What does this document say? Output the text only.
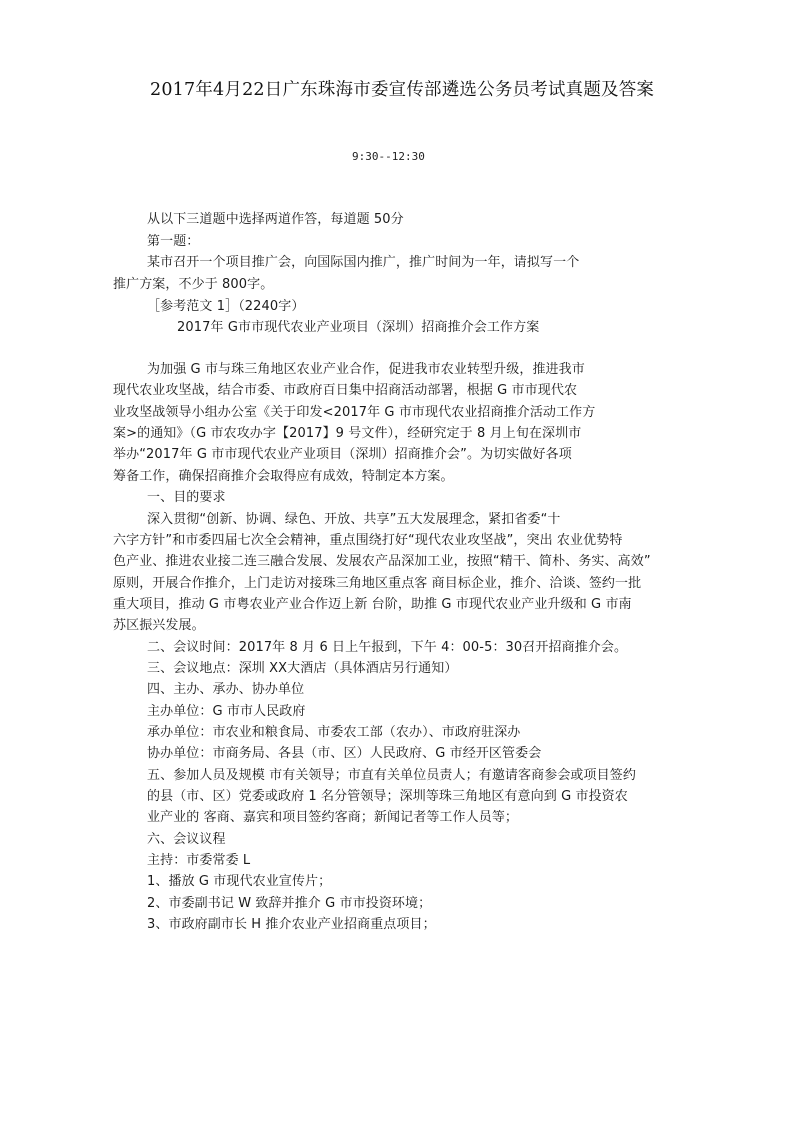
2017年4月22日广东珠海市委宣传部遴选公务员考试真题及答案
9:30--12:30
从以下三道题中选择两道作答，每道题 50分
第一题：
某市召开一个项目推广会，向国际国内推广，推广时间为一年，请拟写一个
推广方案，不少于 800字。
［参考范文 1］（2240字）
2017年 G市市现代农业产业项目（深圳）招商推介会工作方案
为加强 G 市与珠三角地区农业产业合作，促进我市农业转型升级，推进我市
现代农业攻坚战，结合市委、市政府百日集中招商活动部署，根据 G 市市现代农
业攻坚战领导小组办公室《关于印发<2017年 G 市市现代农业招商推介活动工作方
案>的通知》（G 市农攻办字【2017】9 号文件），经研究定于 8 月上旬在深圳市
举办“2017年 G 市市现代农业产业项目（深圳）招商推介会”。为切实做好各项
筹备工作，确保招商推介会取得应有成效，特制定本方案。
一、目的要求
深入贯彻“创新、协调、绿色、开放、共享”五大发展理念，紧扣省委“十
六字方针”和市委四届七次全会精神，重点围绕打好“现代农业攻坚战”，突出 农业优势特
色产业、推进农业接二连三融合发展、发展农产品深加工业，按照“精干、简朴、务实、高效”
原则，开展合作推介，上门走访对接珠三角地区重点客 商目标企业，推介、洽谈、签约一批
重大项目，推动 G 市粤农业产业合作迈上新 台阶，助推 G 市现代农业产业升级和 G 市南
苏区振兴发展。
二、会议时间：2017年 8 月 6 日上午报到，下午 4：00-5：30召开招商推介会。
三、会议地点：深圳 XX大酒店（具体酒店另行通知）
四、主办、承办、协办单位
主办单位：G 市市人民政府
承办单位：市农业和粮食局、市委农工部（农办）、市政府驻深办
协办单位：市商务局、各县（市、区）人民政府、G 市经开区管委会
五、参加人员及规模 市有关领导；市直有关单位员责人；有邀请客商参会或项目签约
的县（市、区）党委或政府 1 名分管领导；深圳等珠三角地区有意向到 G 市投资农
业产业的 客商、嘉宾和项目签约客商；新闻记者等工作人员等；
六、会议议程
主持：市委常委 L
1、播放 G 市现代农业宣传片；
2、市委副书记 W 致辞并推介 G 市市投资环境；
3、市政府副市长 H 推介农业产业招商重点项目；
